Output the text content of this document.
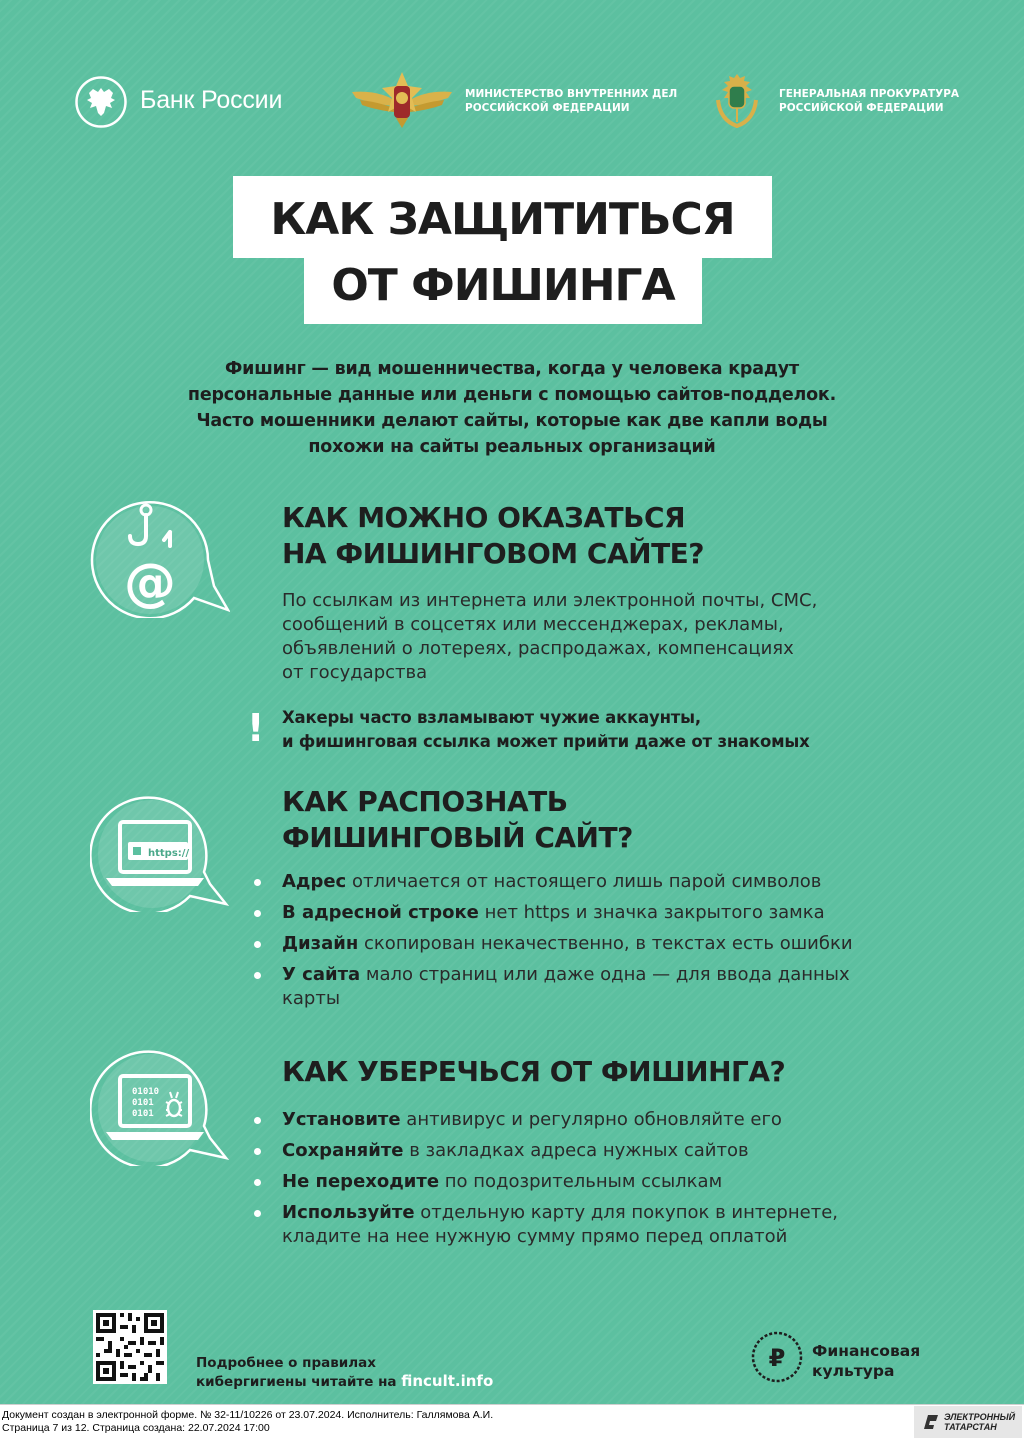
Банк России	МИНИСТЕРСТВО ВНУТРЕННИХ ДЕЛ
РОССИЙСКОЙ ФЕДЕРАЦИИ
ГЕНЕРАЛЬНАЯ ПРОКУРАТУРА
РОССИЙСКОЙ ФЕДЕРАЦИИ
КАК ЗАЩИТИТЬСЯ
ОТ ФИШИНГА
Фишинг — вид мошенничества, когда у человека крадут
персональные данные или деньги с помощью сайтов-подделок.
Часто мошенники делают сайты, которые как две капли воды
похожи на сайты реальных организаций
@
КАК МОЖНО ОКАЗАТЬСЯ
НА ФИШИНГОВОМ САЙТЕ?
По ссылкам из интернета или электронной почты, СМС,
сообщений в соцсетях или мессенджерах, рекламы,
объявлений о лотереях, распродажах, компенсациях
от государства
! Хакеры часто взламывают чужие аккаунты,
и фишинговая ссылка может прийти даже от знакомых
https://
КАК РАСПОЗНАТЬ
ФИШИНГОВЫЙ САЙТ?
Адрес отличается от настоящего лишь парой символов
В адресной строке нет https и значка закрытого замка
Дизайн скопирован некачественно, в текстах есть ошибки
У сайта мало страниц или даже одна — для ввода данных
карты
01010
0101
0101
КАК УБЕРЕЧЬСЯ ОТ ФИШИНГА?
Установите антивирус и регулярно обновляйте его
Сохраняйте в закладках адреса нужных сайтов
Не переходите по подозрительным ссылкам
Используйте отдельную карту для покупок в интернете,
кладите на нее нужную сумму прямо перед оплатой
Подробнее о правилах
кибергигиены читайте на fincult.info
₽ Финансовая
культура
Документ создан в электронной форме. № 32-11/10226 от 23.07.2024. Исполнитель: Галлямова А.И.
Страница 7 из 12. Страница создана: 22.07.2024 17:00
ЭЛЕКТРОННЫЙ
ТАТАРСТАН
